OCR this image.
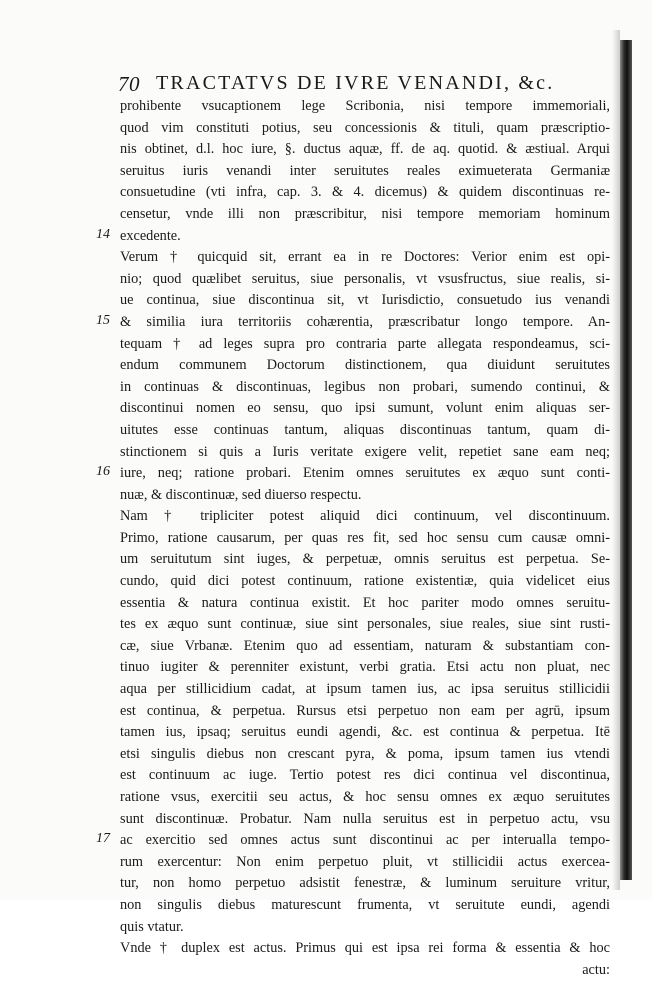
70 TRACTATVS DE IVRE VENANDI, &c.
prohibente vsucaptionem lege Scribonia, nisi tempore immemoriali,
quod vim constituti potius, seu concessionis & tituli, quam præscriptio-
nis obtinet, d.l. hoc iure, §. ductus aquæ, ff. de aq. quotid. & æstiual. Arqui
seruitus iuris venandi inter seruitutes reales eximueterata Germaniæ
consuetudine (vti infra, cap. 3. & 4. dicemus) & quidem discontinuas re-
censetur, vnde illi non præscribitur, nisi tempore memoriam hominum
excedente.
Verum † quicquid sit, errant ea in re Doctores: Verior enim est opi-
nio; quod quælibet seruitus, siue personalis, vt vsusfructus, siue realis, si-
ue continua, siue discontinua sit, vt Iurisdictio, consuetudo ius venandi
& similia iura territoriis cohærentia, præscribatur longo tempore. An-
tequam † ad leges supra pro contraria parte allegata respondeamus, sci-
endum communem Doctorum distinctionem, qua diuidunt seruitutes
in continuas & discontinuas, legibus non probari, sumendo continui, &
discontinui nomen eo sensu, quo ipsi sumunt, volunt enim aliquas ser-
uitutes esse continuas tantum, aliquas discontinuas tantum, quam di-
stinctionem si quis a Iuris veritate exigere velit, repetiet sane eam neq;
iure, neq; ratione probari. Etenim omnes seruitutes ex æquo sunt conti-
nuæ, & discontinuæ, sed diuerso respectu.
Nam † tripliciter potest aliquid dici continuum, vel discontinuum.
Primo, ratione causarum, per quas res fit, sed hoc sensu cum causæ omni-
um seruitutum sint iuges, & perpetuæ, omnis seruitus est perpetua. Se-
cundo, quid dici potest continuum, ratione existentiæ, quia videlicet eius
essentia & natura continua existit. Et hoc pariter modo omnes seruitu-
tes ex æquo sunt continuæ, siue sint personales, siue reales, siue sint rusti-
cæ, siue Vrbanæ. Etenim quo ad essentiam, naturam & substantiam con-
tinuo iugiter & perenniter existunt, verbi gratia. Etsi actu non pluat, nec
aqua per stillicidium cadat, at ipsum tamen ius, ac ipsa seruitus stillicidii
est continua, & perpetua. Rursus etsi perpetuo non eam per agrū, ipsum
tamen ius, ipsaq; seruitus eundi agendi, &c. est continua & perpetua. Itē
etsi singulis diebus non crescant pyra, & poma, ipsum tamen ius vtendi
est continuum ac iuge. Tertio potest res dici continua vel discontinua,
ratione vsus, exercitii seu actus, & hoc sensu omnes ex æquo seruitutes
sunt discontinuæ. Probatur. Nam nulla seruitus est in perpetuo actu, vsu
ac exercitio sed omnes actus sunt discontinui ac per interualla tempo-
rum exercentur: Non enim perpetuo pluit, vt stillicidii actus exercea-
tur, non homo perpetuo adsistit fenestræ, & luminum seruiture vritur,
non singulis diebus maturescunt frumenta, vt seruitute eundi, agendi
quis vtatur.
Vnde † duplex est actus. Primus qui est ipsa rei forma & essentia & hoc
actu:
14
15
16
17
